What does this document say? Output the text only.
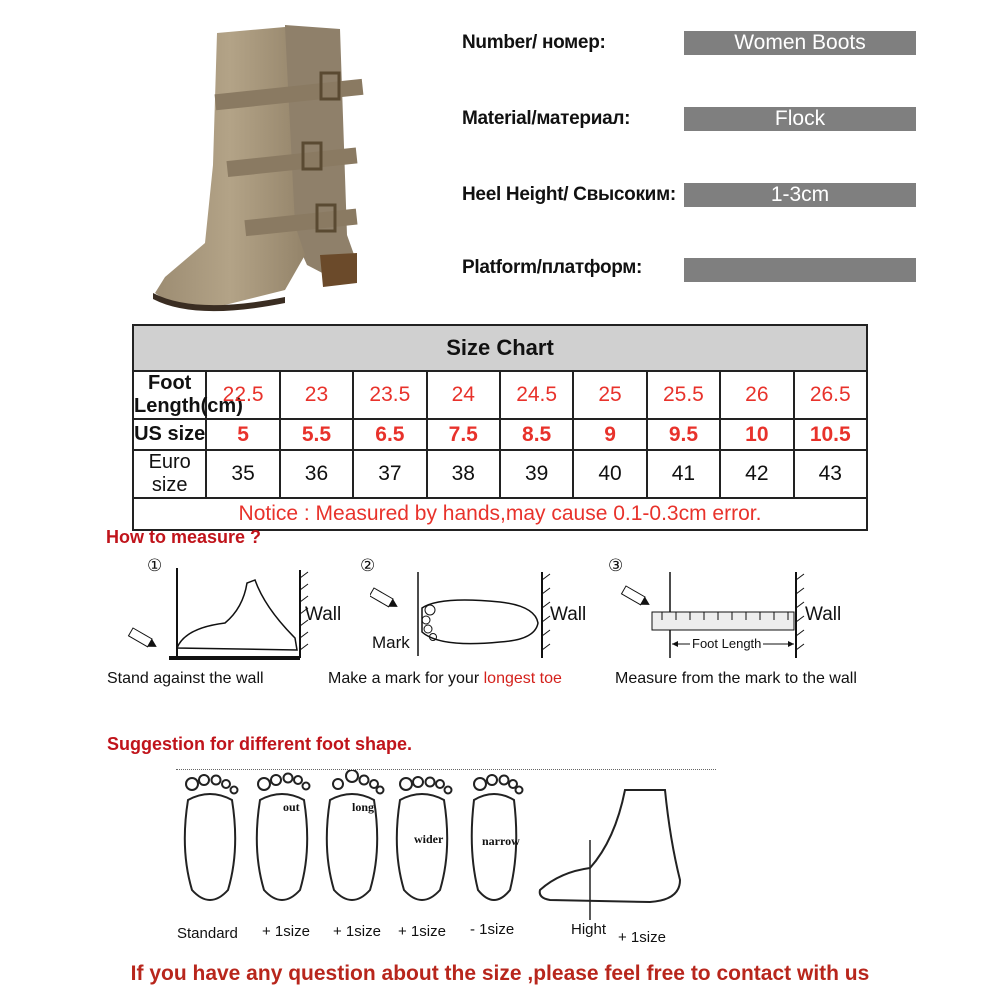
Number/ номер:	Women Boots
Material/материал:	Flock
Heel Height/ Свысоким:	1-3cm
Platform/платформ:
Size Chart									
Foot Length(cm)	22.5	23	23.5	24	24.5	25	25.5	26	26.5
US size	5	5.5	6.5	7.5	8.5	9	9.5	10	10.5
Euro size	35	36	37	38	39	40	41	42	43
Notice : Measured by hands,may cause 0.1-0.3cm error.									
How to measure ?
①
Wall
Stand against the wall
②
Mark
Wall
Make a mark for your longest toe
③
Foot Length
Wall
Measure from the mark to the wall
Suggestion for different foot shape.
out	long
wider	narrow
Standard + 1size + 1size + 1size - 1size	Hight + 1size
If you have any question about the size ,please feel free to contact with us
